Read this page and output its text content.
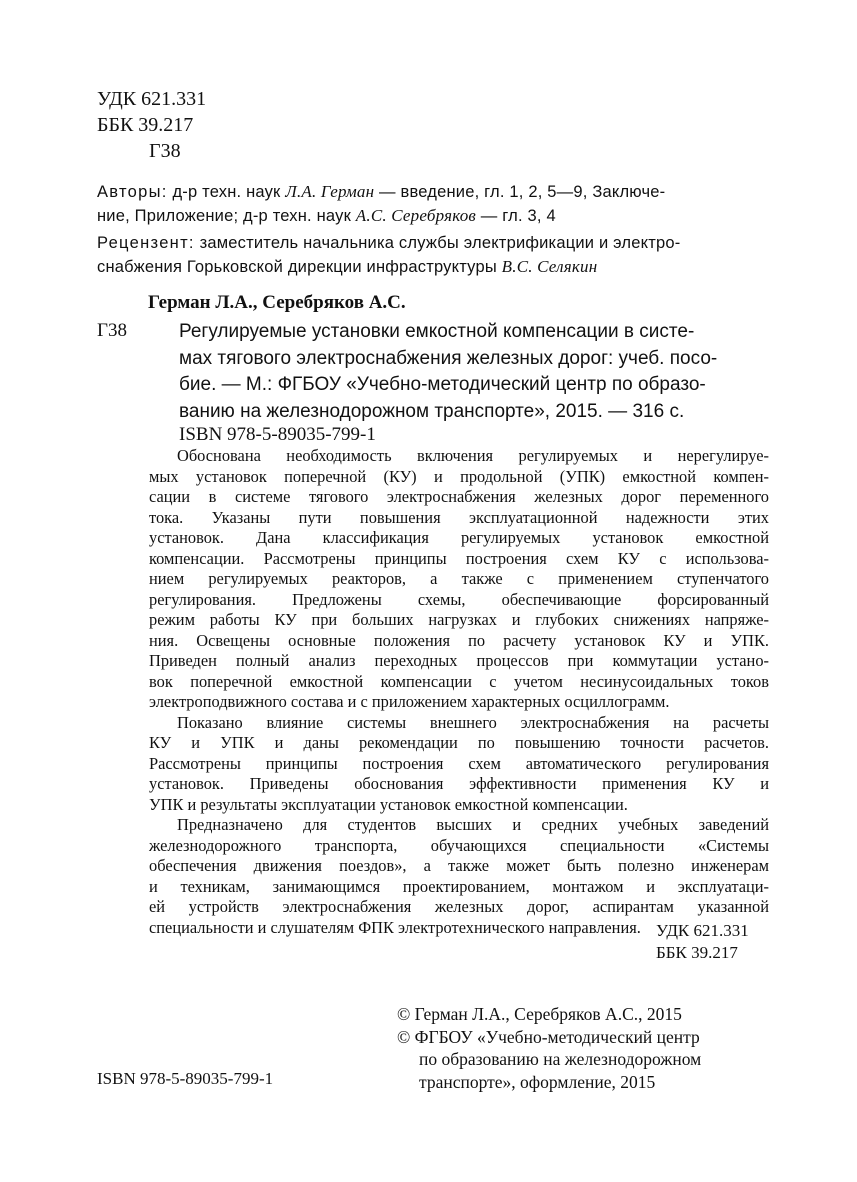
УДК 621.331
ББК 39.217
Г38
Авторы: д-р техн. наук Л.А. Герман — введение, гл. 1, 2, 5—9, Заключе-
ние, Приложение; д-р техн. наук А.С. Серебряков — гл. 3, 4
Рецензент: заместитель начальника службы электрификации и электро-
снабжения Горьковской дирекции инфраструктуры В.С. Селякин
Герман Л.А., Серебряков А.С.
Г38	Регулируемые установки емкостной компенсации в систе-
мах тягового электроснабжения железных дорог: учеб. посо-
бие. — М.: ФГБОУ «Учебно-методический центр по образо-
ванию на железнодорожном транспорте», 2015. — 316 с.
ISBN 978-5-89035-799-1
Обоснована необходимость включения регулируемых и нерегулируе-
мых установок поперечной (КУ) и продольной (УПК) емкостной компен-
сации в системе тягового электроснабжения железных дорог переменного
тока. Указаны пути повышения эксплуатационной надежности этих
установок. Дана классификация регулируемых установок емкостной
компенсации. Рассмотрены принципы построения схем КУ с использова-
нием регулируемых реакторов, а также с применением ступенчатого
регулирования. Предложены схемы, обеспечивающие форсированный
режим работы КУ при больших нагрузках и глубоких снижениях напряже-
ния. Освещены основные положения по расчету установок КУ и УПК.
Приведен полный анализ переходных процессов при коммутации устано-
вок поперечной емкостной компенсации с учетом несинусоидальных токов
электроподвижного состава и с приложением характерных осциллограмм.
Показано влияние системы внешнего электроснабжения на расчеты
КУ и УПК и даны рекомендации по повышению точности расчетов.
Рассмотрены принципы построения схем автоматического регулирования
установок. Приведены обоснования эффективности применения КУ и
УПК и результаты эксплуатации установок емкостной компенсации.
Предназначено для студентов высших и средних учебных заведений
железнодорожного транспорта, обучающихся специальности «Системы
обеспечения движения поездов», а также может быть полезно инженерам
и техникам, занимающимся проектированием, монтажом и эксплуатаци-
ей устройств электроснабжения железных дорог, аспирантам указанной
специальности и слушателям ФПК электротехнического направления. УДК 621.331
ББК 39.217
© Герман Л.А., Серебряков А.С., 2015
© ФГБОУ «Учебно-методический центр
по образованию на железнодорожном
транспорте», оформление, 2015
ISBN 978-5-89035-799-1
